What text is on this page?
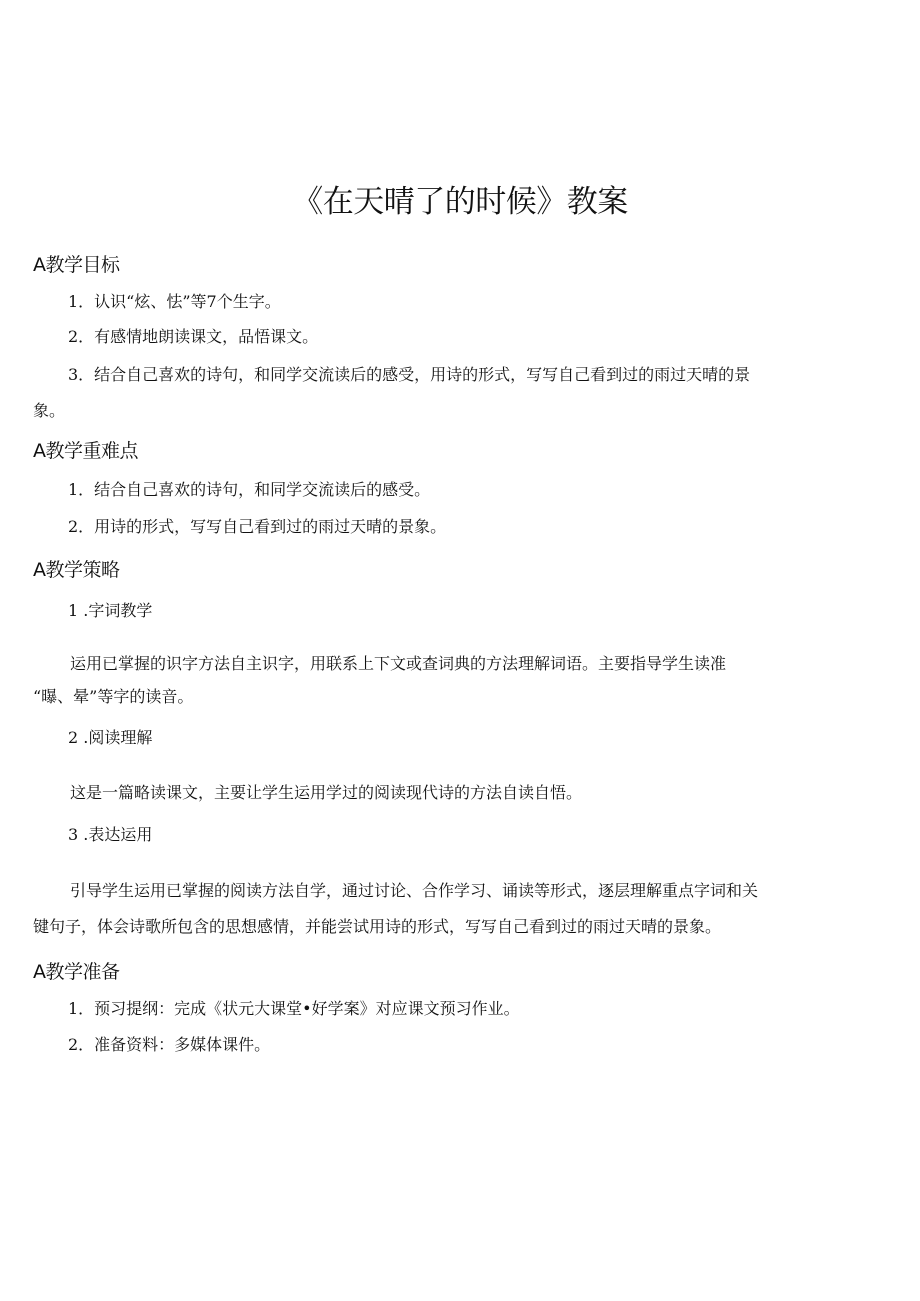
《在天晴了的时候》教案
A教学目标
1．认识“炫、怯”等7个生字。
2．有感情地朗读课文，品悟课文。
3．结合自己喜欢的诗句，和同学交流读后的感受，用诗的形式，写写自己看到过的雨过天晴的景
象。
A教学重难点
1．结合自己喜欢的诗句，和同学交流读后的感受。
2．用诗的形式，写写自己看到过的雨过天晴的景象。
A教学策略
1 .字词教学
运用已掌握的识字方法自主识字，用联系上下文或查词典的方法理解词语。主要指导学生读准
“曝、晕”等字的读音。
2 .阅读理解
这是一篇略读课文，主要让学生运用学过的阅读现代诗的方法自读自悟。
3 .表达运用
引导学生运用已掌握的阅读方法自学，通过讨论、合作学习、诵读等形式，逐层理解重点字词和关
键句子，体会诗歌所包含的思想感情，并能尝试用诗的形式，写写自己看到过的雨过天晴的景象。
A教学准备
1．预习提纲：完成《状元大课堂•好学案》对应课文预习作业。
2．准备资料：多媒体课件。
